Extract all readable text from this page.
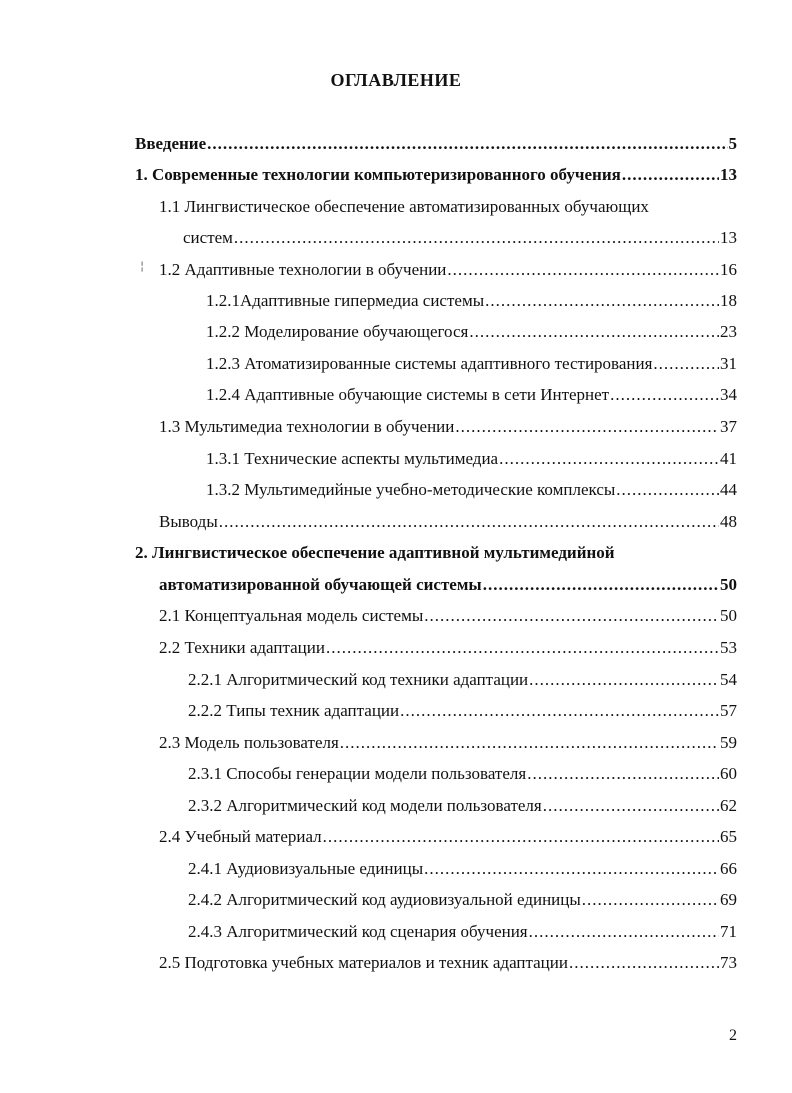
ОГЛАВЛЕНИЕ
Введение .....	5
1. Современные технологии компьютеризированного обучения .....	13
1.1 Лингвистическое обеспечение автоматизированных обучающих
систем .....	13
╎ 1.2 Адаптивные технологии в обучении .....	16
1.2.1Адаптивные гипермедиа системы .....	18
1.2.2 Моделирование обучающегося .....	23
1.2.3 Атоматизированные системы адаптивного тестирования .....	31
1.2.4 Адаптивные обучающие системы в сети Интернет .....	34
1.3 Мультимедиа технологии в обучении .....	37
1.3.1 Технические аспекты мультимедиа .....	41
1.3.2 Мультимедийные учебно-методические комплексы .....	44
Выводы .....	48
2. Лингвистическое обеспечение адаптивной мультимедийной
автоматизированной обучающей системы .....	50
2.1 Концептуальная модель системы .....	50
2.2 Техники адаптации .....	53
2.2.1 Алгоритмический код техники адаптации .....	54
2.2.2 Типы техник адаптации .....	57
2.3 Модель пользователя .....	59
2.3.1 Способы генерации модели пользователя .....	60
2.3.2 Алгоритмический код модели пользователя .....	62
2.4 Учебный материал .....	65
2.4.1 Аудиовизуальные единицы .....	66
2.4.2 Алгоритмический код аудиовизуальной единицы .....	69
2.4.3 Алгоритмический код сценария обучения .....	71
2.5 Подготовка учебных материалов и техник адаптации .....	73
2
